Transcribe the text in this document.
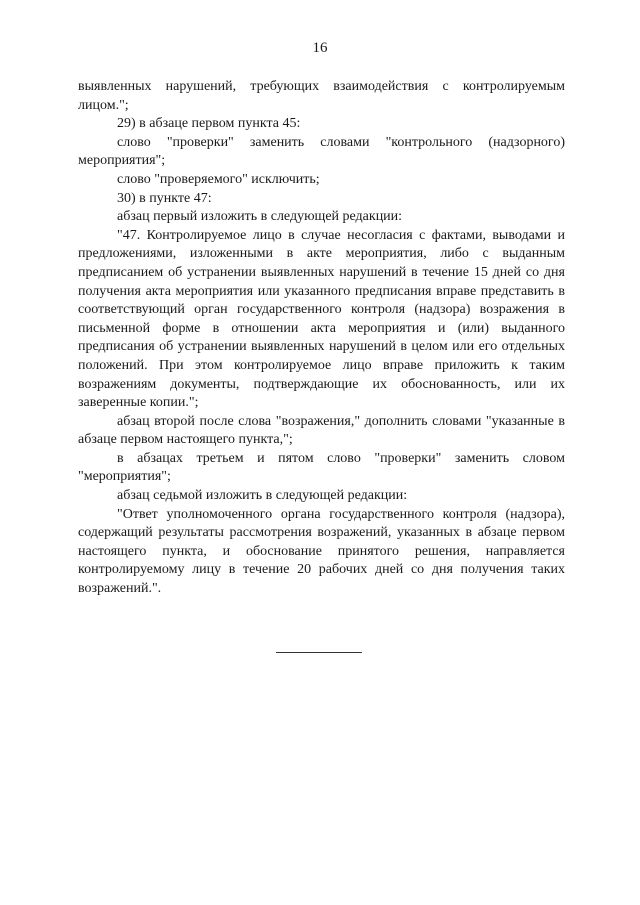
16

выявленных нарушений, требующих взаимодействия с контролируемым лицом.";

29) в абзаце первом пункта 45:

слово "проверки" заменить словами "контрольного (надзорного) мероприятия";

слово "проверяемого" исключить;

30) в пункте 47:

абзац первый изложить в следующей редакции:

"47. Контролируемое лицо в случае несогласия с фактами, выводами и предложениями, изложенными в акте мероприятия, либо с выданным предписанием об устранении выявленных нарушений в течение 15 дней со дня получения акта мероприятия или указанного предписания вправе представить в соответствующий орган государственного контроля (надзора) возражения в письменной форме в отношении акта мероприятия и (или) выданного предписания об устранении выявленных нарушений в целом или его отдельных положений. При этом контролируемое лицо вправе приложить к таким возражениям документы, подтверждающие их обоснованность, или их заверенные копии.";

абзац второй после слова "возражения," дополнить словами "указанные в абзаце первом настоящего пункта,";

в абзацах третьем и пятом слово "проверки" заменить словом "мероприятия";

абзац седьмой изложить в следующей редакции:

"Ответ уполномоченного органа государственного контроля (надзора), содержащий результаты рассмотрения возражений, указанных в абзаце первом настоящего пункта, и обоснование принятого решения, направляется контролируемому лицу в течение 20 рабочих дней со дня получения таких возражений.".
